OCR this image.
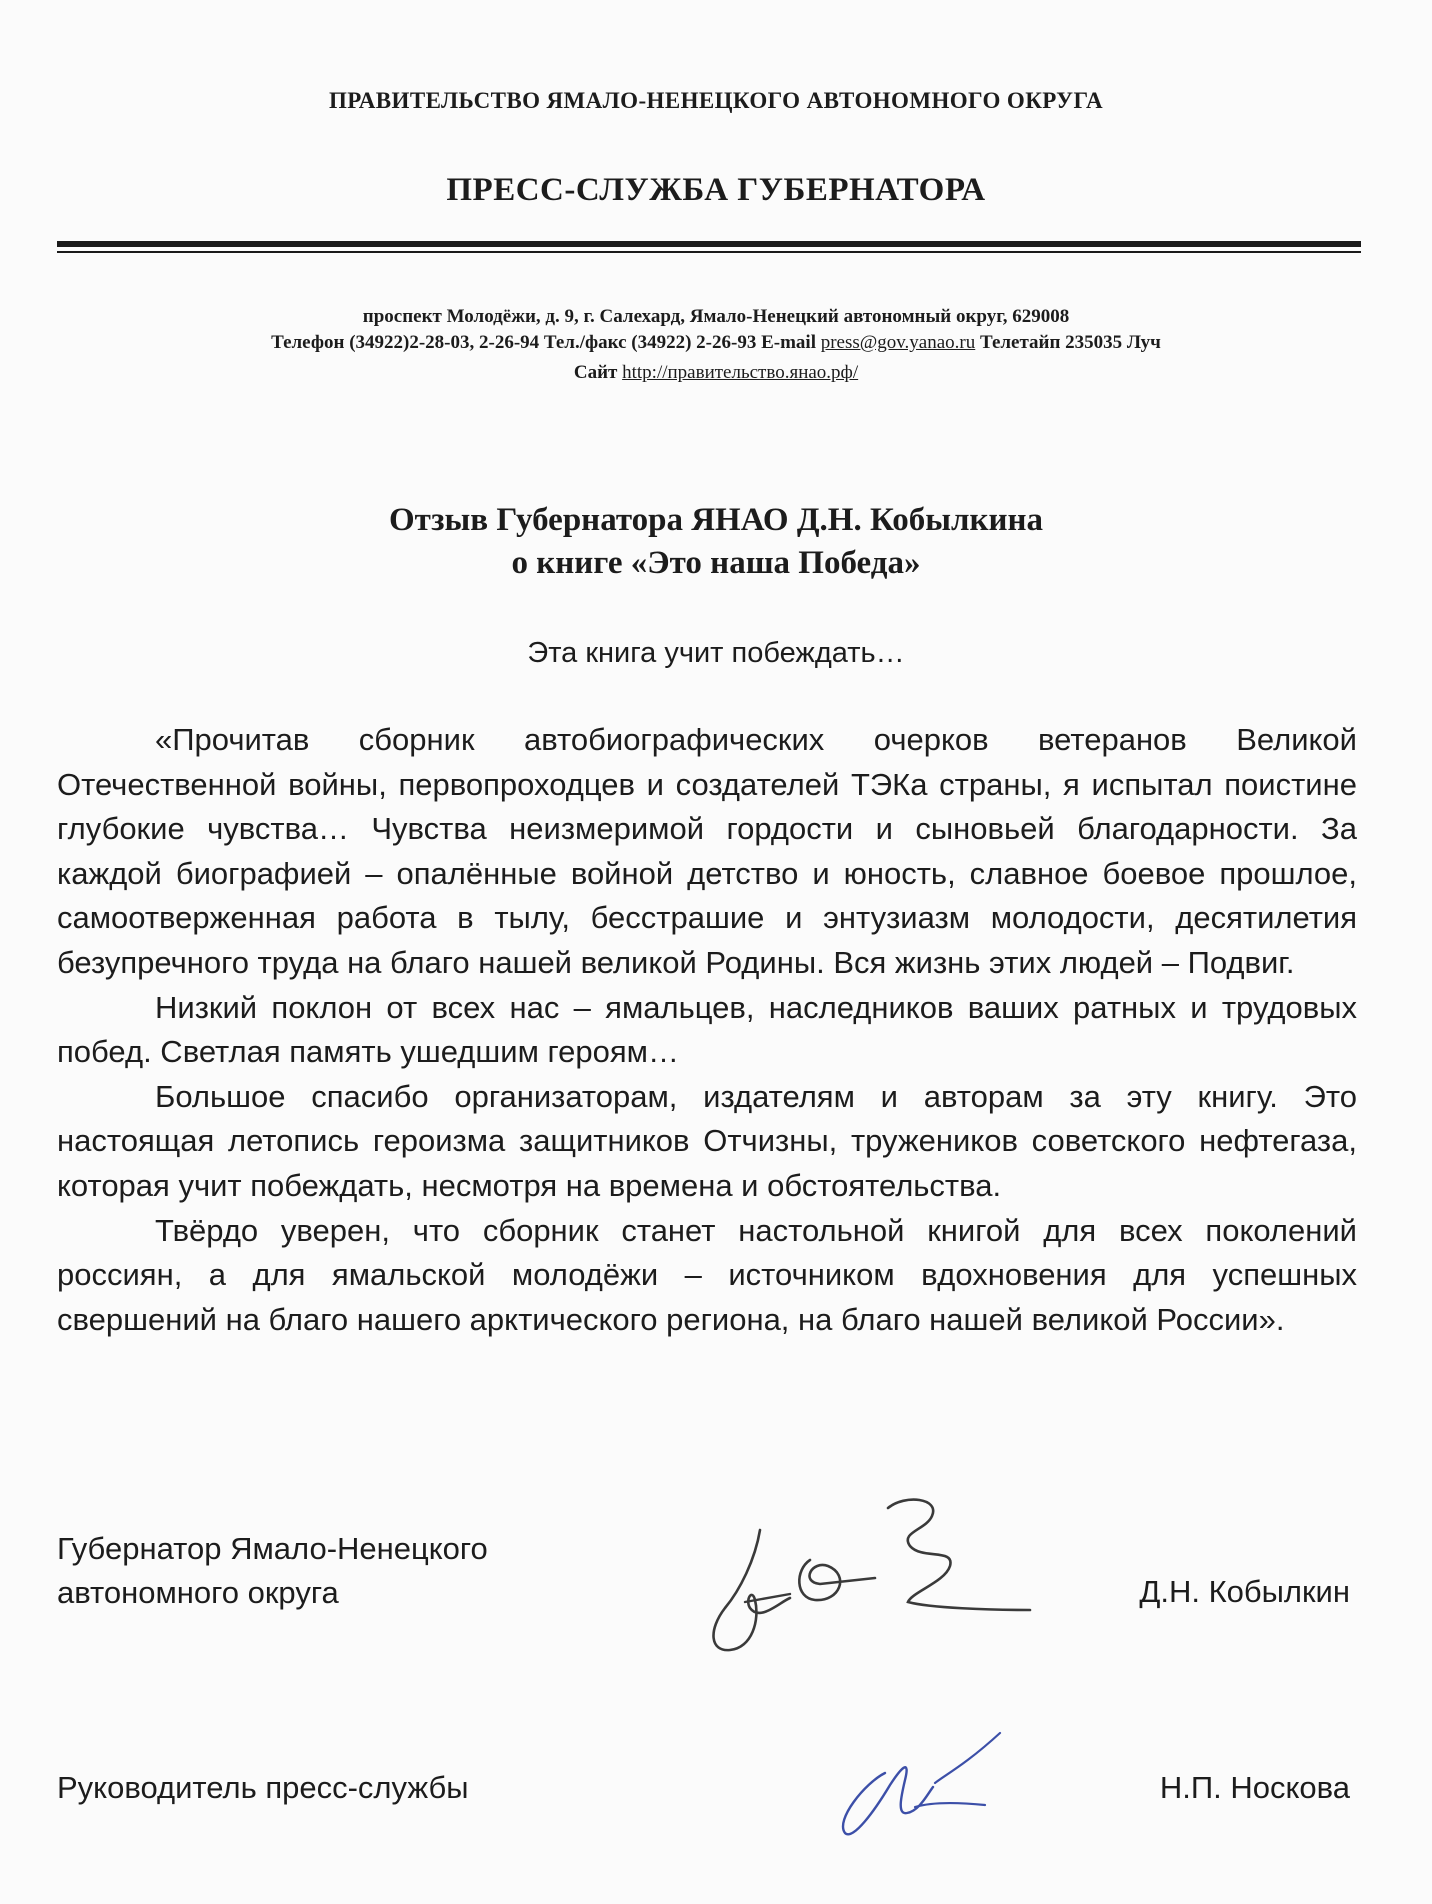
ПРАВИТЕЛЬСТВО ЯМАЛО-НЕНЕЦКОГО АВТОНОМНОГО ОКРУГА
ПРЕСС-СЛУЖБА ГУБЕРНАТОРА
проспект Молодёжи, д. 9, г. Салехард, Ямало-Ненецкий автономный округ, 629008
Телефон (34922)2-28-03, 2-26-94 Тел./факс (34922) 2-26-93 E-mail press@gov.yanao.ru Телетайп 235035 Луч
Сайт http://правительство.янао.рф/
Отзыв Губернатора ЯНАО Д.Н. Кобылкина
о книге «Это наша Победа»
Эта книга учит побеждать…

«Прочитав сборник автобиографических очерков ветеранов Великой Отечественной войны, первопроходцев и создателей ТЭКа страны, я испытал поистине глубокие чувства… Чувства неизмеримой гордости и сыновьей благодарности. За каждой биографией – опалённые войной детство и юность, славное боевое прошлое, самоотверженная работа в тылу, бесстрашие и энтузиазм молодости, десятилетия безупречного труда на благо нашей великой Родины. Вся жизнь этих людей – Подвиг.

Низкий поклон от всех нас – ямальцев, наследников ваших ратных и трудовых побед. Светлая память ушедшим героям…

Большое спасибо организаторам, издателям и авторам за эту книгу. Это настоящая летопись героизма защитников Отчизны, тружеников советского нефтегаза, которая учит побеждать, несмотря на времена и обстоятельства.

Твёрдо уверен, что сборник станет настольной книгой для всех поколений россиян, а для ямальской молодёжи – источником вдохновения для успешных свершений на благо нашего арктического региона, на благо нашей великой России».

Губернатор Ямало-Ненецкого
автономного округа	Д.Н. Кобылкин
Руководитель пресс-службы	Н.П. Носкова
